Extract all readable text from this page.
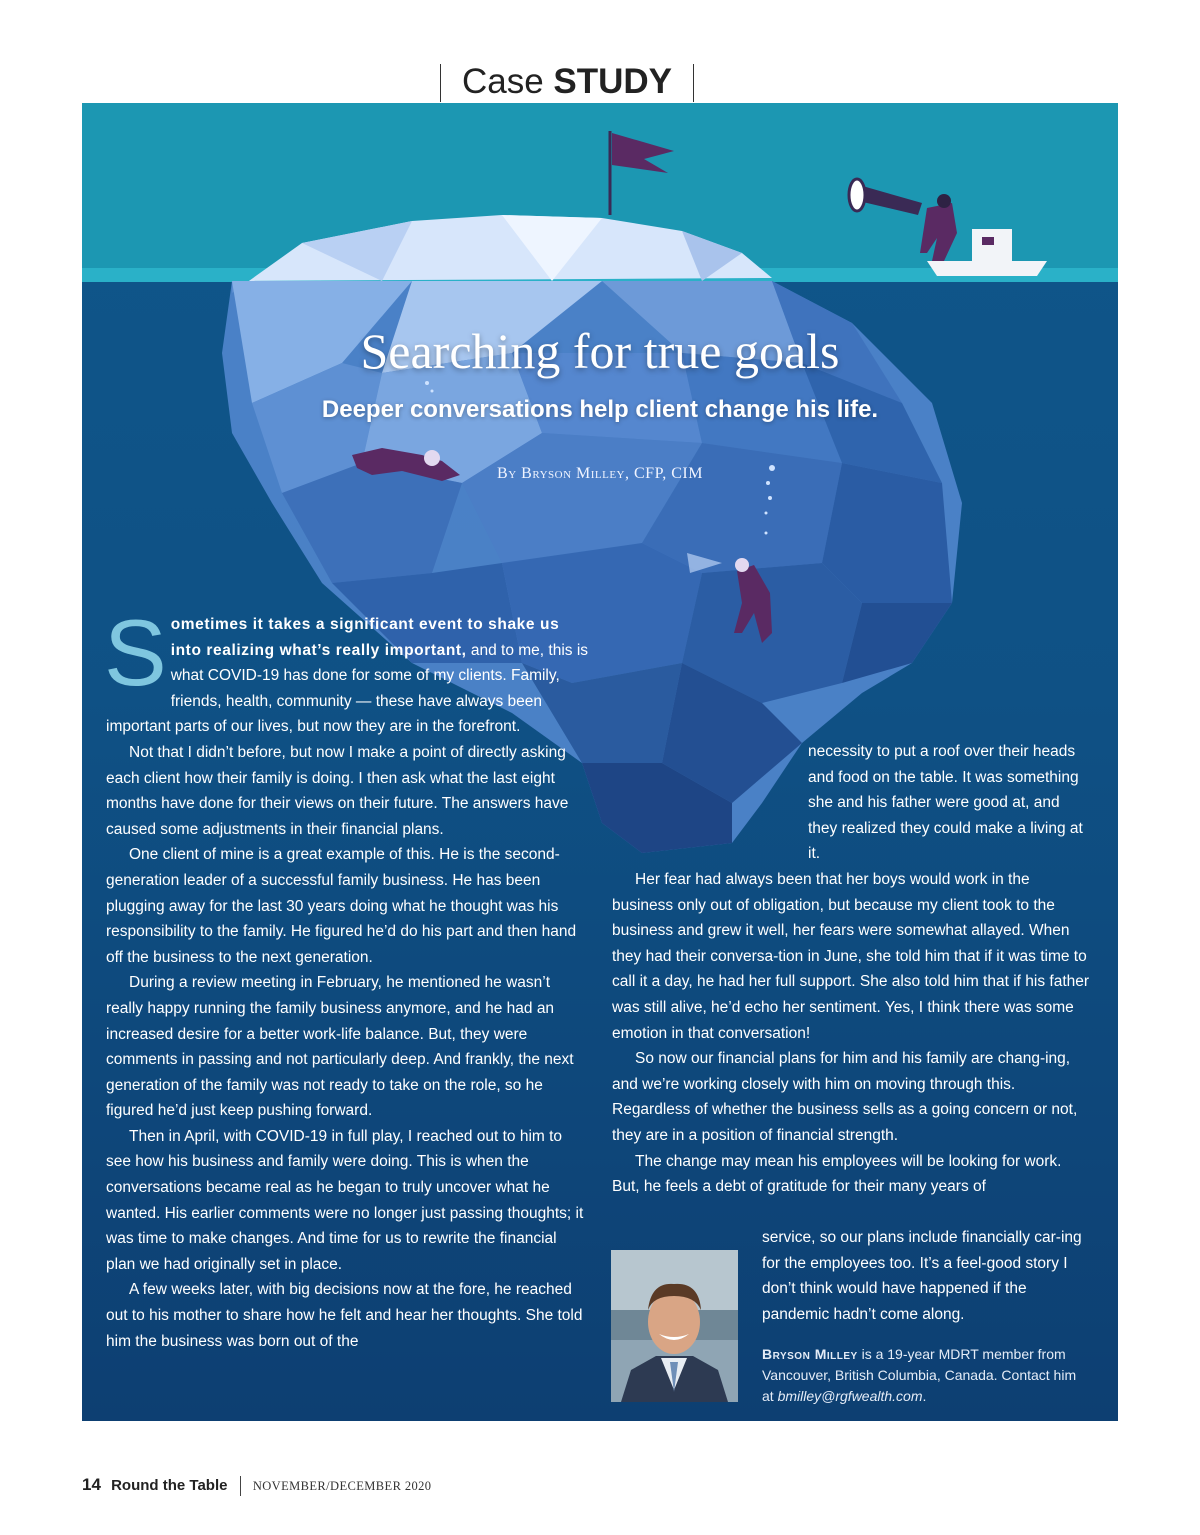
Case STUDY
Searching for true goals
Deeper conversations help client change his life.
By Bryson Milley, CFP, CIM

Sometimes it takes a significant event to shake us into realizing what’s really important, and to me, this is what COVID-19 has done for some of my clients. Family, friends, health, community — these have always been important parts of our lives, but now they are in the forefront.

Not that I didn’t before, but now I make a point of directly asking each client how their family is doing. I then ask what the last eight months have done for their views on their future. The answers have caused some adjustments in their financial plans.

One client of mine is a great example of this. He is the second-generation leader of a successful family business. He has been plugging away for the last 30 years doing what he thought was his responsibility to the family. He figured he’d do his part and then hand off the business to the next generation.

During a review meeting in February, he mentioned he wasn’t really happy running the family business anymore, and he had an increased desire for a better work-life balance. But, they were comments in passing and not particularly deep. And frankly, the next generation of the family was not ready to take on the role, so he figured he’d just keep pushing forward.

Then in April, with COVID-19 in full play, I reached out to him to see how his business and family were doing. This is when the conversations became real as he began to truly uncover what he wanted. His earlier comments were no longer just passing thoughts; it was time to make changes. And time for us to rewrite the financial plan we had originally set in place.

A few weeks later, with big decisions now at the fore, he reached out to his mother to share how he felt and hear her thoughts. She told him the business was born out of the

necessity to put a roof over their heads and food on the table. It was something she and his father were good at, and they realized they could make a living at it.

Her fear had always been that her boys would work in the business only out of obligation, but because my client took to the business and grew it well, her fears were somewhat allayed. When they had their conversa-tion in June, she told him that if it was time to call it a day, he had her full support. She also told him that if his father was still alive, he’d echo her sentiment. Yes, I think there was some emotion in that conversation!

So now our financial plans for him and his family are chang-ing, and we’re working closely with him on moving through this. Regardless of whether the business sells as a going concern or not, they are in a position of financial strength.

The change may mean his employees will be looking for work. But, he feels a debt of gratitude for their many years of

service, so our plans include financially car-ing for the employees too. It’s a feel-good story I don’t think would have happened if the pandemic hadn’t come along.

Bryson Milley is a 19-year MDRT member from Vancouver, British Columbia, Canada. Contact him at bmilley@rgfwealth.com.
14 Round the Table NOVEMBER/DECEMBER 2020
